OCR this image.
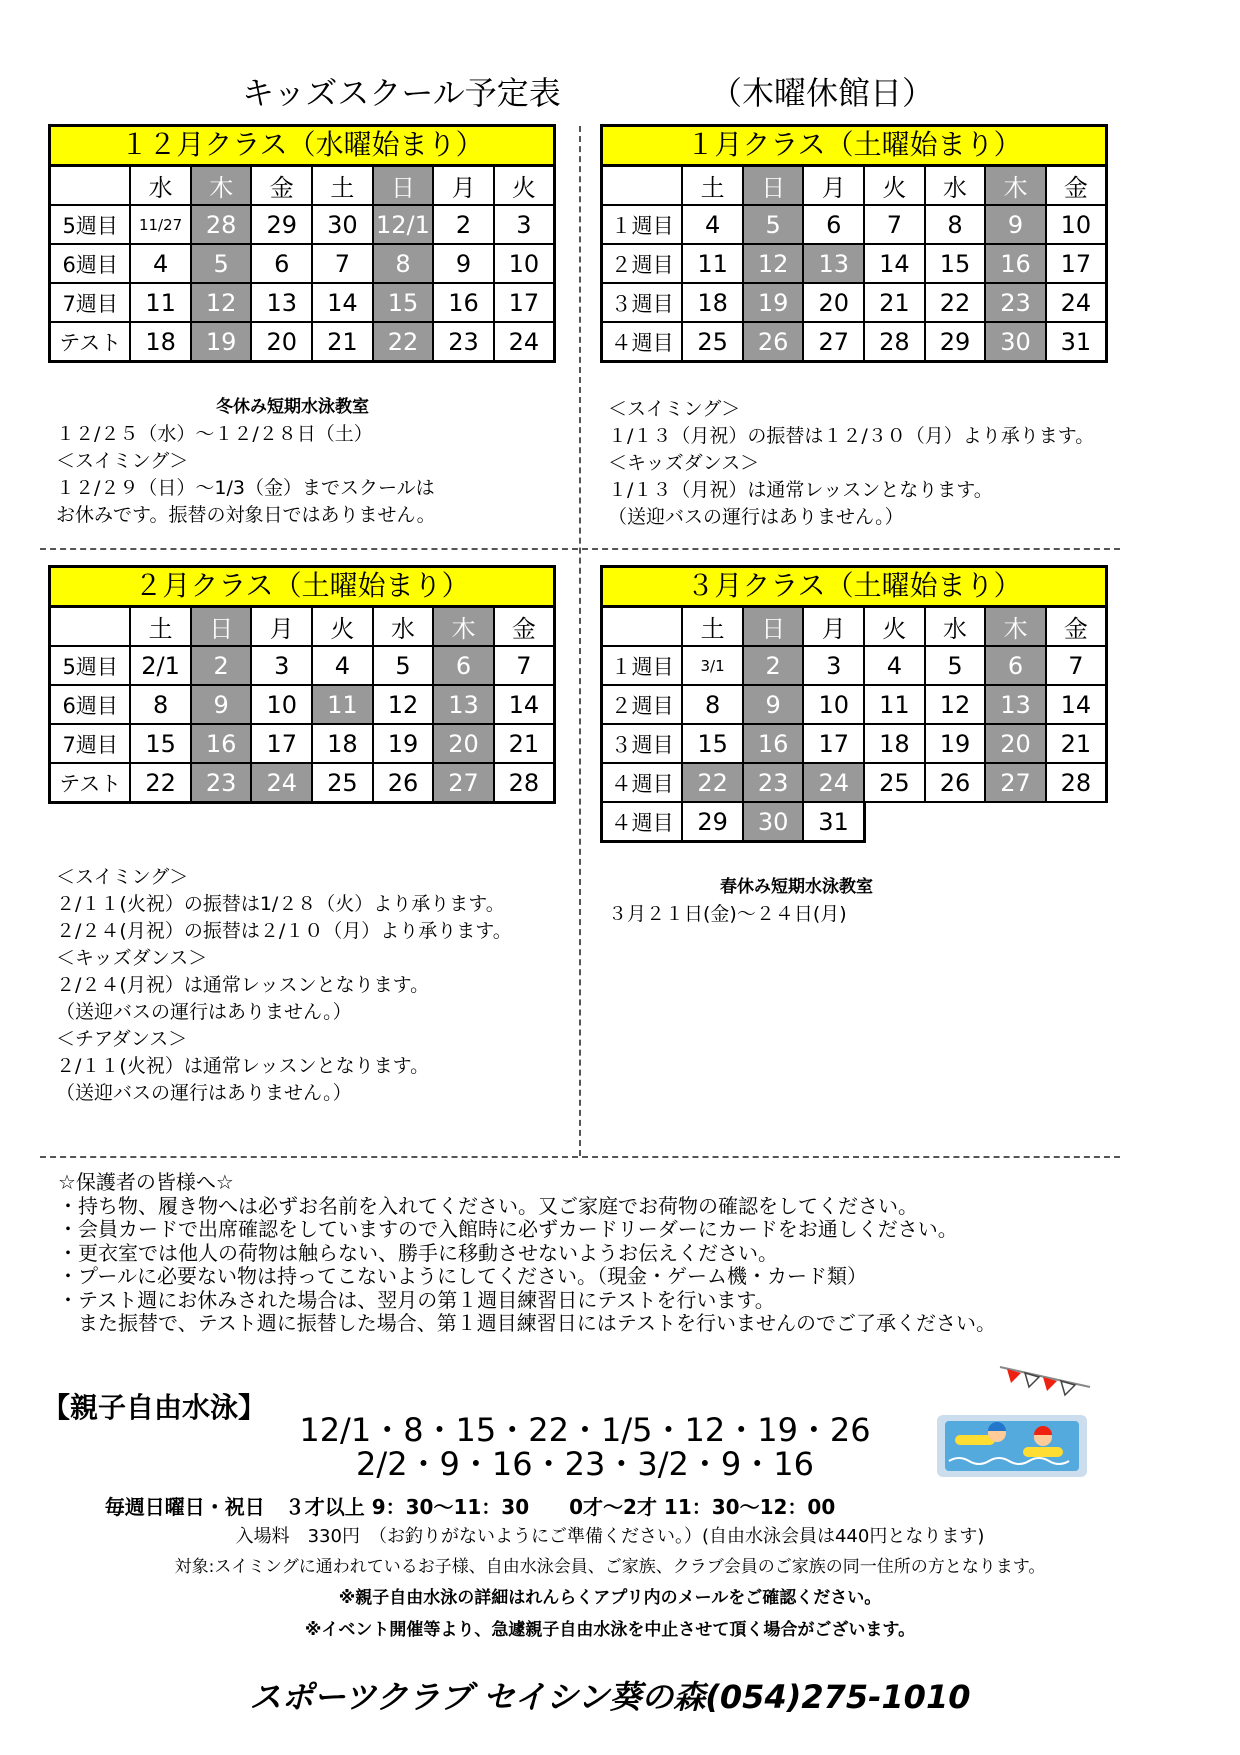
キッズスクール予定表	（木曜休館日）
１２月クラス（水曜始まり）
	水	木	金	土	日	月	火
5週目	11/27	28	29	30	12/1	2	3
6週目	4	5	6	7	8	9	10
7週目	11	12	13	14	15	16	17
テスト	18	19	20	21	22	23	24
１月クラス（土曜始まり）
	土	日	月	火	水	木	金
１週目	4	5	6	7	8	9	10
２週目	11	12	13	14	15	16	17
３週目	18	19	20	21	22	23	24
４週目	25	26	27	28	29	30	31
２月クラス（土曜始まり）
	土	日	月	火	水	木	金
5週目	2/1	2	3	4	5	6	7
6週目	8	9	10	11	12	13	14
7週目	15	16	17	18	19	20	21
テスト	22	23	24	25	26	27	28
３月クラス（土曜始まり）
	土	日	月	火	水	木	金
１週目	3/1	2	3	4	5	6	7
２週目	8	9	10	11	12	13	14
３週目	15	16	17	18	19	20	21
４週目	22	23	24	25	26	27	28
４週目	29	30	31				
冬休み短期水泳教室
１２/２５（水）～１２/２８日（土）
＜スイミング＞
１２/２９（日）～1/3（金）までスクールは
お休みです。振替の対象日ではありません。
＜スイミング＞
１/１３（月祝）の振替は１２/３０（月）より承ります。
＜キッズダンス＞
１/１３（月祝）は通常レッスンとなります。
（送迎バスの運行はありません。）
＜スイミング＞
２/１１(火祝）の振替は1/２８（火）より承ります。
２/２４(月祝）の振替は２/１０（月）より承ります。
＜キッズダンス＞
２/２４(月祝）は通常レッスンとなります。
（送迎バスの運行はありません。）
＜チアダンス＞
２/１１(火祝）は通常レッスンとなります。
（送迎バスの運行はありません。）
春休み短期水泳教室
３月２１日(金)～２４日(月)
☆保護者の皆様へ☆
・持ち物、履き物へは必ずお名前を入れてください。又ご家庭でお荷物の確認をしてください。
・会員カードで出席確認をしていますので入館時に必ずカードリーダーにカードをお通しください。
・更衣室では他人の荷物は触らない、勝手に移動させないようお伝えください。
・プールに必要ない物は持ってこないようにしてください。（現金・ゲーム機・カード類）
・テスト週にお休みされた場合は、翌月の第１週目練習日にテストを行います。
　また振替で、テスト週に振替した場合、第１週目練習日にはテストを行いませんのでご了承ください。
【親子自由水泳】
12/1・8・15・22・1/5・12・19・26
2/2・9・16・23・3/2・9・16
毎週日曜日・祝日　３才以上 9：30～11：30　　0才～2才 11：30～12：00
入場料　330円　（お釣りがないようにご準備ください。）(自由水泳会員は440円となります)
対象:スイミングに通われているお子様、自由水泳会員、ご家族、クラブ会員のご家族の同一住所の方となります。
※親子自由水泳の詳細はれんらくアプリ内のメールをご確認ください。
※イベント開催等より、急遽親子自由水泳を中止させて頂く場合がございます。
スポーツクラブ セイシン葵の森(054)275-1010
